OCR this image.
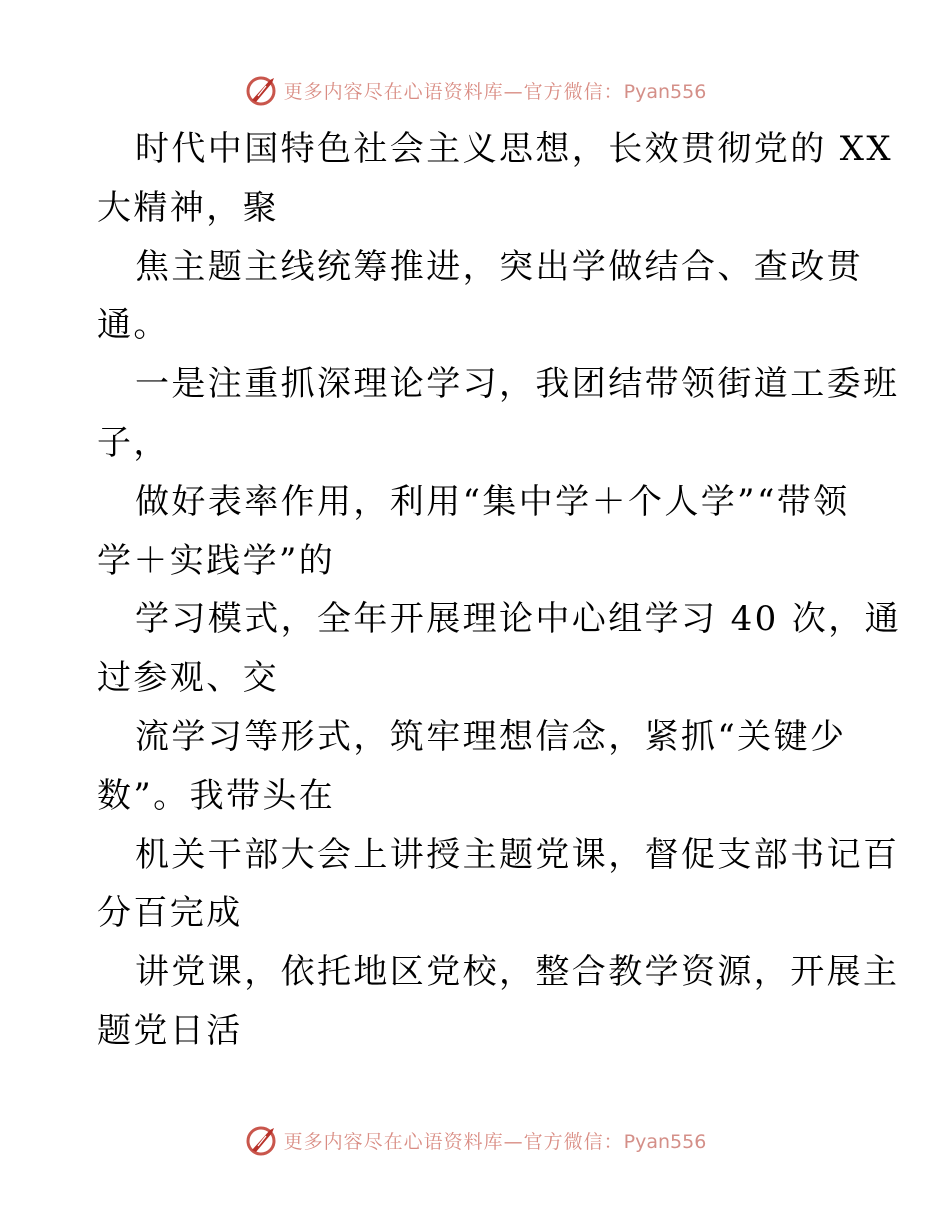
更多内容尽在心语资料库—官方微信：Pyan556
时代中国特色社会主义思想，长效贯彻党的 XX
大精神，聚
焦主题主线统筹推进，突出学做结合、查改贯
通。
一是注重抓深理论学习，我团结带领街道工委班
子，
做好表率作用，利用“集中学＋个人学”“带领
学＋实践学”的
学习模式，全年开展理论中心组学习 40 次，通
过参观、交
流学习等形式，筑牢理想信念，紧抓“关键少
数”。我带头在
机关干部大会上讲授主题党课，督促支部书记百
分百完成
讲党课，依托地区党校，整合教学资源，开展主
题党日活
更多内容尽在心语资料库—官方微信：Pyan556
